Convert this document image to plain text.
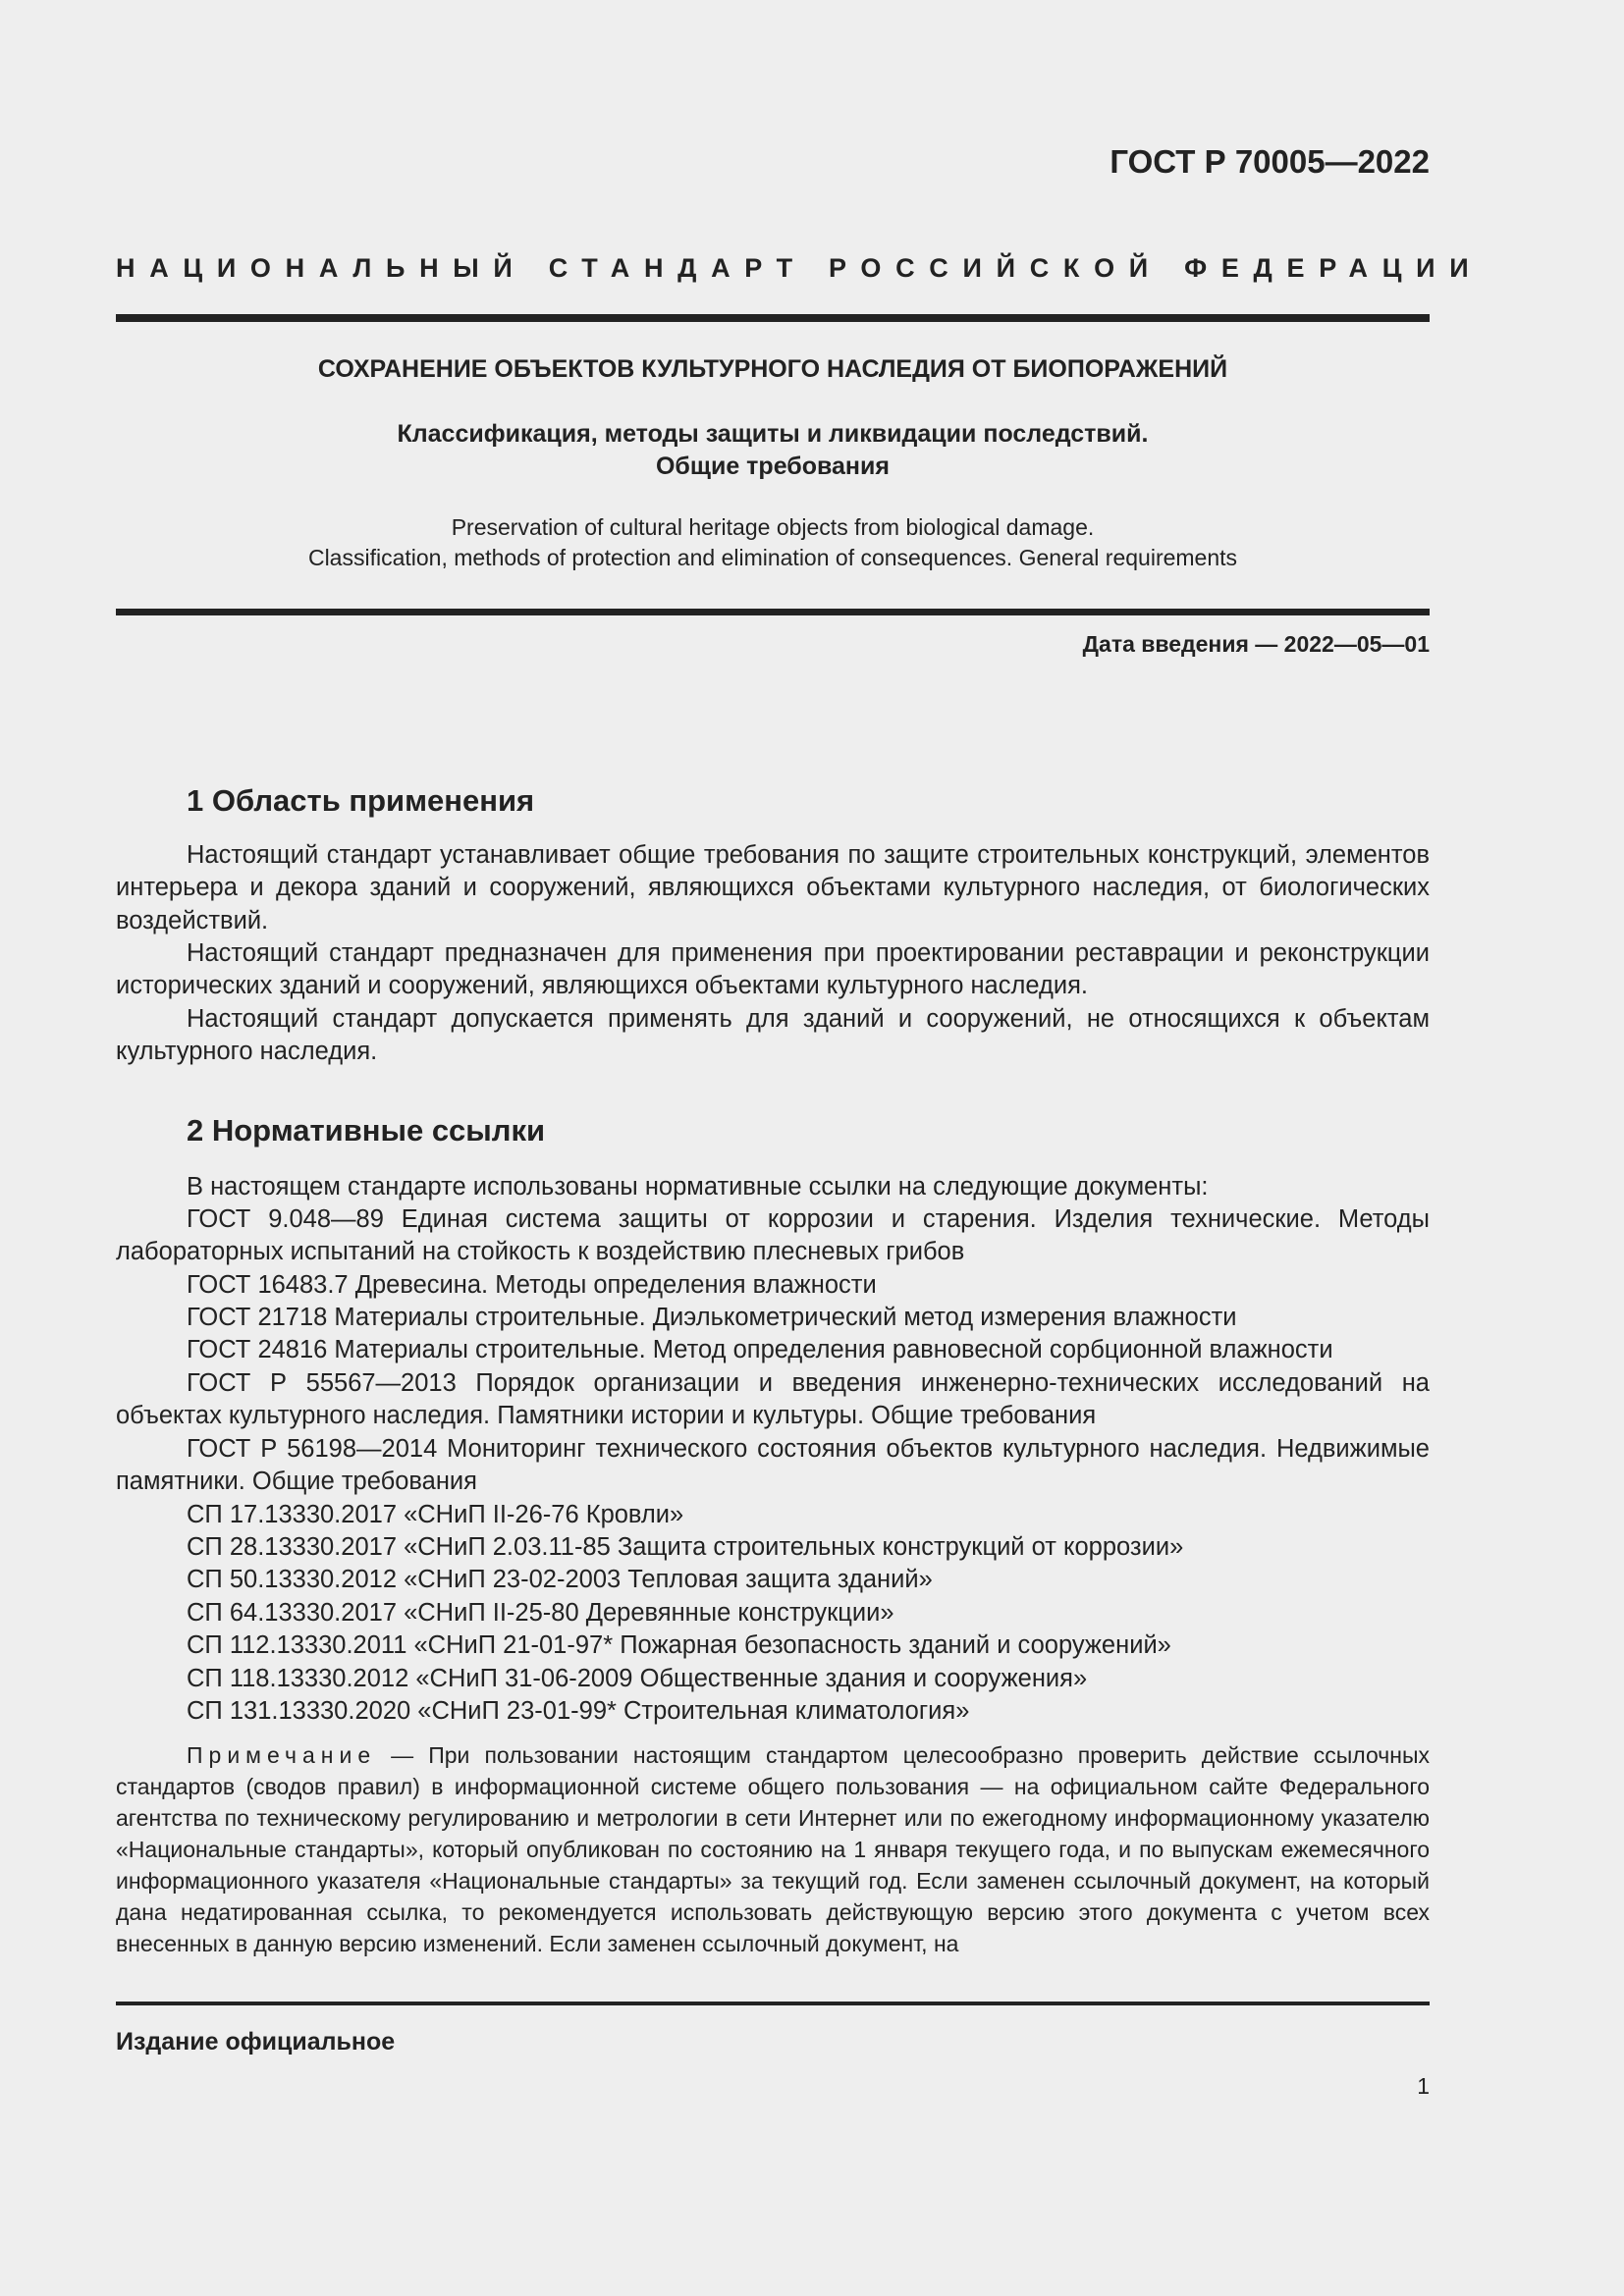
ГОСТ Р 70005—2022
НАЦИОНАЛЬНЫЙ СТАНДАРТ РОССИЙСКОЙ ФЕДЕРАЦИИ
СОХРАНЕНИЕ ОБЪЕКТОВ КУЛЬТУРНОГО НАСЛЕДИЯ ОТ БИОПОРАЖЕНИЙ
Классификация, методы защиты и ликвидации последствий.
Общие требования
Preservation of cultural heritage objects from biological damage.
Classification, methods of protection and elimination of consequences. General requirements
Дата введения — 2022—05—01
1 Область применения
Настоящий стандарт устанавливает общие требования по защите строительных конструкций, элементов интерьера и декора зданий и сооружений, являющихся объектами культурного наследия, от биологических воздействий.
Настоящий стандарт предназначен для применения при проектировании реставрации и реконструкции исторических зданий и сооружений, являющихся объектами культурного наследия.
Настоящий стандарт допускается применять для зданий и сооружений, не относящихся к объектам культурного наследия.
2 Нормативные ссылки
В настоящем стандарте использованы нормативные ссылки на следующие документы:
ГОСТ 9.048—89 Единая система защиты от коррозии и старения. Изделия технические. Методы лабораторных испытаний на стойкость к воздействию плесневых грибов
ГОСТ 16483.7 Древесина. Методы определения влажности
ГОСТ 21718 Материалы строительные. Диэлькометрический метод измерения влажности
ГОСТ 24816 Материалы строительные. Метод определения равновесной сорбционной влажности
ГОСТ Р 55567—2013 Порядок организации и введения инженерно-технических исследований на объектах культурного наследия. Памятники истории и культуры. Общие требования
ГОСТ Р 56198—2014 Мониторинг технического состояния объектов культурного наследия. Недвижимые памятники. Общие требования
СП 17.13330.2017 «СНиП II-26-76 Кровли»
СП 28.13330.2017 «СНиП 2.03.11-85 Защита строительных конструкций от коррозии»
СП 50.13330.2012 «СНиП 23-02-2003 Тепловая защита зданий»
СП 64.13330.2017 «СНиП II-25-80 Деревянные конструкции»
СП 112.13330.2011 «СНиП 21-01-97* Пожарная безопасность зданий и сооружений»
СП 118.13330.2012 «СНиП 31-06-2009 Общественные здания и сооружения»
СП 131.13330.2020 «СНиП 23-01-99* Строительная климатология»
Примечание — При пользовании настоящим стандартом целесообразно проверить действие ссылочных стандартов (сводов правил) в информационной системе общего пользования — на официальном сайте Федерального агентства по техническому регулированию и метрологии в сети Интернет или по ежегодному информационному указателю «Национальные стандарты», который опубликован по состоянию на 1 января текущего года, и по выпускам ежемесячного информационного указателя «Национальные стандарты» за текущий год. Если заменен ссылочный документ, на который дана недатированная ссылка, то рекомендуется использовать действующую версию этого документа с учетом всех внесенных в данную версию изменений. Если заменен ссылочный документ, на
Издание официальное
1
